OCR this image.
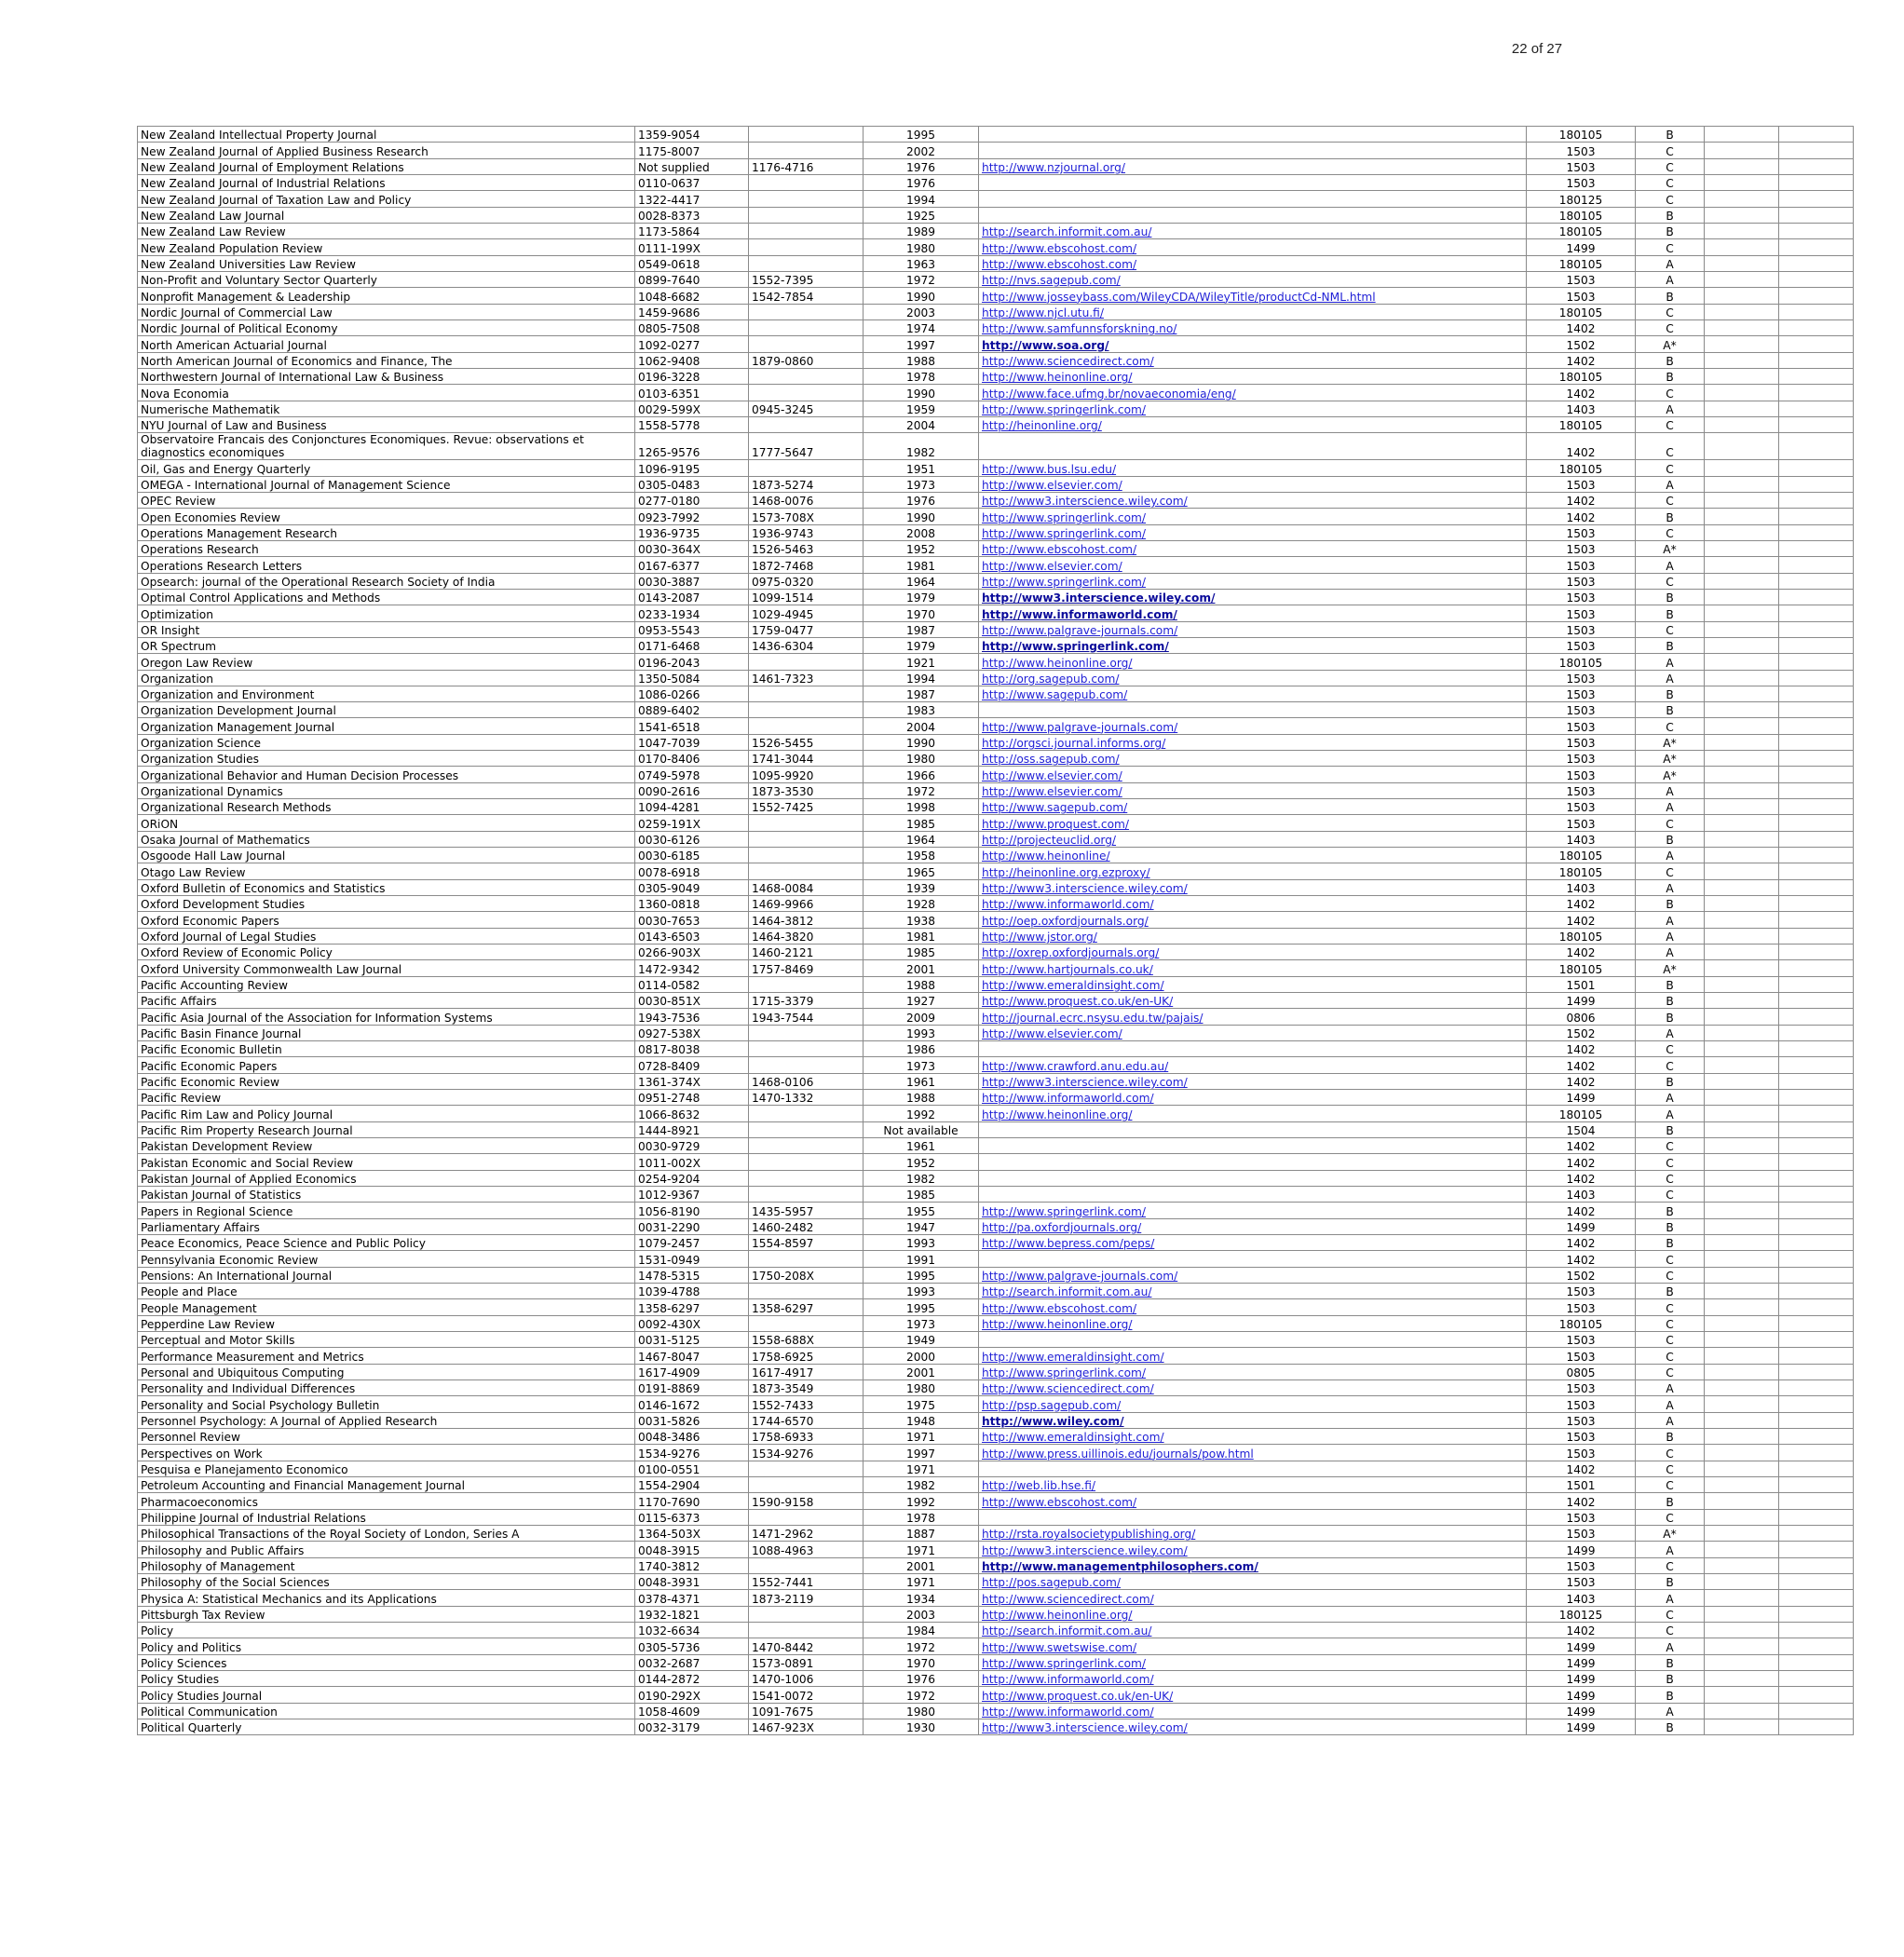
22 of 27
New Zealand Intellectual Property Journal	1359-9054		1995		180105	B		
New Zealand Journal of Applied Business Research	1175-8007		2002		1503	C		
New Zealand Journal of Employment Relations	Not supplied	1176-4716	1976	http://www.nzjournal.org/	1503	C		
New Zealand Journal of Industrial Relations	0110-0637		1976		1503	C		
New Zealand Journal of Taxation Law and Policy	1322-4417		1994		180125	C		
New Zealand Law Journal	0028-8373		1925		180105	B		
New Zealand Law Review	1173-5864		1989	http://search.informit.com.au/	180105	B		
New Zealand Population Review	0111-199X		1980	http://www.ebscohost.com/	1499	C		
New Zealand Universities Law Review	0549-0618		1963	http://www.ebscohost.com/	180105	A		
Non-Profit and Voluntary Sector Quarterly	0899-7640	1552-7395	1972	http://nvs.sagepub.com/	1503	A		
Nonprofit Management & Leadership	1048-6682	1542-7854	1990	http://www.josseybass.com/WileyCDA/WileyTitle/productCd-NML.html	1503	B		
Nordic Journal of Commercial Law	1459-9686		2003	http://www.njcl.utu.fi/	180105	C		
Nordic Journal of Political Economy	0805-7508		1974	http://www.samfunnsforskning.no/	1402	C		
North American Actuarial Journal	1092-0277		1997	http://www.soa.org/	1502	A*		
North American Journal of Economics and Finance, The	1062-9408	1879-0860	1988	http://www.sciencedirect.com/	1402	B		
Northwestern Journal of International Law & Business	0196-3228		1978	http://www.heinonline.org/	180105	B		
Nova Economia	0103-6351		1990	http://www.face.ufmg.br/novaeconomia/eng/	1402	C		
Numerische Mathematik	0029-599X	0945-3245	1959	http://www.springerlink.com/	1403	A		
NYU Journal of Law and Business	1558-5778		2004	http://heinonline.org/	180105	C		
Observatoire Francais des Conjonctures Economiques. Revue: observations et diagnostics economiques	1265-9576	1777-5647	1982		1402	C		
Oil, Gas and Energy Quarterly	1096-9195		1951	http://www.bus.lsu.edu/	180105	C		
OMEGA - International Journal of Management Science	0305-0483	1873-5274	1973	http://www.elsevier.com/	1503	A		
OPEC Review	0277-0180	1468-0076	1976	http://www3.interscience.wiley.com/	1402	C		
Open Economies Review	0923-7992	1573-708X	1990	http://www.springerlink.com/	1402	B		
Operations Management Research	1936-9735	1936-9743	2008	http://www.springerlink.com/	1503	C		
Operations Research	0030-364X	1526-5463	1952	http://www.ebscohost.com/	1503	A*		
Operations Research Letters	0167-6377	1872-7468	1981	http://www.elsevier.com/	1503	A		
Opsearch: journal of the Operational Research Society of India	0030-3887	0975-0320	1964	http://www.springerlink.com/	1503	C		
Optimal Control Applications and Methods	0143-2087	1099-1514	1979	http://www3.interscience.wiley.com/	1503	B		
Optimization	0233-1934	1029-4945	1970	http://www.informaworld.com/	1503	B		
OR Insight	0953-5543	1759-0477	1987	http://www.palgrave-journals.com/	1503	C		
OR Spectrum	0171-6468	1436-6304	1979	http://www.springerlink.com/	1503	B		
Oregon Law Review	0196-2043		1921	http://www.heinonline.org/	180105	A		
Organization	1350-5084	1461-7323	1994	http://org.sagepub.com/	1503	A		
Organization and Environment	1086-0266		1987	http://www.sagepub.com/	1503	B		
Organization Development Journal	0889-6402		1983		1503	B		
Organization Management Journal	1541-6518		2004	http://www.palgrave-journals.com/	1503	C		
Organization Science	1047-7039	1526-5455	1990	http://orgsci.journal.informs.org/	1503	A*		
Organization Studies	0170-8406	1741-3044	1980	http://oss.sagepub.com/	1503	A*		
Organizational Behavior and Human Decision Processes	0749-5978	1095-9920	1966	http://www.elsevier.com/	1503	A*		
Organizational Dynamics	0090-2616	1873-3530	1972	http://www.elsevier.com/	1503	A		
Organizational Research Methods	1094-4281	1552-7425	1998	http://www.sagepub.com/	1503	A		
ORiON	0259-191X		1985	http://www.proquest.com/	1503	C		
Osaka Journal of Mathematics	0030-6126		1964	http://projecteuclid.org/	1403	B		
Osgoode Hall Law Journal	0030-6185		1958	http://www.heinonline/	180105	A		
Otago Law Review	0078-6918		1965	http://heinonline.org.ezproxy/	180105	C		
Oxford Bulletin of Economics and Statistics	0305-9049	1468-0084	1939	http://www3.interscience.wiley.com/	1403	A		
Oxford Development Studies	1360-0818	1469-9966	1928	http://www.informaworld.com/	1402	B		
Oxford Economic Papers	0030-7653	1464-3812	1938	http://oep.oxfordjournals.org/	1402	A		
Oxford Journal of Legal Studies	0143-6503	1464-3820	1981	http://www.jstor.org/	180105	A		
Oxford Review of Economic Policy	0266-903X	1460-2121	1985	http://oxrep.oxfordjournals.org/	1402	A		
Oxford University Commonwealth Law Journal	1472-9342	1757-8469	2001	http://www.hartjournals.co.uk/	180105	A*		
Pacific Accounting Review	0114-0582		1988	http://www.emeraldinsight.com/	1501	B		
Pacific Affairs	0030-851X	1715-3379	1927	http://www.proquest.co.uk/en-UK/	1499	B		
Pacific Asia Journal of the Association for Information Systems	1943-7536	1943-7544	2009	http://journal.ecrc.nsysu.edu.tw/pajais/	0806	B		
Pacific Basin Finance Journal	0927-538X		1993	http://www.elsevier.com/	1502	A		
Pacific Economic Bulletin	0817-8038		1986		1402	C		
Pacific Economic Papers	0728-8409		1973	http://www.crawford.anu.edu.au/	1402	C		
Pacific Economic Review	1361-374X	1468-0106	1961	http://www3.interscience.wiley.com/	1402	B		
Pacific Review	0951-2748	1470-1332	1988	http://www.informaworld.com/	1499	A		
Pacific Rim Law and Policy Journal	1066-8632		1992	http://www.heinonline.org/	180105	A		
Pacific Rim Property Research Journal	1444-8921		Not available		1504	B		
Pakistan Development Review	0030-9729		1961		1402	C		
Pakistan Economic and Social Review	1011-002X		1952		1402	C		
Pakistan Journal of Applied Economics	0254-9204		1982		1402	C		
Pakistan Journal of Statistics	1012-9367		1985		1403	C		
Papers in Regional Science	1056-8190	1435-5957	1955	http://www.springerlink.com/	1402	B		
Parliamentary Affairs	0031-2290	1460-2482	1947	http://pa.oxfordjournals.org/	1499	B		
Peace Economics, Peace Science and Public Policy	1079-2457	1554-8597	1993	http://www.bepress.com/peps/	1402	B		
Pennsylvania Economic Review	1531-0949		1991		1402	C		
Pensions: An International Journal	1478-5315	1750-208X	1995	http://www.palgrave-journals.com/	1502	C		
People and Place	1039-4788		1993	http://search.informit.com.au/	1503	B		
People Management	1358-6297	1358-6297	1995	http://www.ebscohost.com/	1503	C		
Pepperdine Law Review	0092-430X		1973	http://www.heinonline.org/	180105	C		
Perceptual and Motor Skills	0031-5125	1558-688X	1949		1503	C		
Performance Measurement and Metrics	1467-8047	1758-6925	2000	http://www.emeraldinsight.com/	1503	C		
Personal and Ubiquitous Computing	1617-4909	1617-4917	2001	http://www.springerlink.com/	0805	C		
Personality and Individual Differences	0191-8869	1873-3549	1980	http://www.sciencedirect.com/	1503	A		
Personality and Social Psychology Bulletin	0146-1672	1552-7433	1975	http://psp.sagepub.com/	1503	A		
Personnel Psychology: A Journal of Applied Research	0031-5826	1744-6570	1948	http://www.wiley.com/	1503	A		
Personnel Review	0048-3486	1758-6933	1971	http://www.emeraldinsight.com/	1503	B		
Perspectives on Work	1534-9276	1534-9276	1997	http://www.press.uillinois.edu/journals/pow.html	1503	C		
Pesquisa e Planejamento Economico	0100-0551		1971		1402	C		
Petroleum Accounting and Financial Management Journal	1554-2904		1982	http://web.lib.hse.fi/	1501	C		
Pharmacoeconomics	1170-7690	1590-9158	1992	http://www.ebscohost.com/	1402	B		
Philippine Journal of Industrial Relations	0115-6373		1978		1503	C		
Philosophical Transactions of the Royal Society of London, Series A	1364-503X	1471-2962	1887	http://rsta.royalsocietypublishing.org/	1503	A*		
Philosophy and Public Affairs	0048-3915	1088-4963	1971	http://www3.interscience.wiley.com/	1499	A		
Philosophy of Management	1740-3812		2001	http://www.managementphilosophers.com/	1503	C		
Philosophy of the Social Sciences	0048-3931	1552-7441	1971	http://pos.sagepub.com/	1503	B		
Physica A: Statistical Mechanics and its Applications	0378-4371	1873-2119	1934	http://www.sciencedirect.com/	1403	A		
Pittsburgh Tax Review	1932-1821		2003	http://www.heinonline.org/	180125	C		
Policy	1032-6634		1984	http://search.informit.com.au/	1402	C		
Policy and Politics	0305-5736	1470-8442	1972	http://www.swetswise.com/	1499	A		
Policy Sciences	0032-2687	1573-0891	1970	http://www.springerlink.com/	1499	B		
Policy Studies	0144-2872	1470-1006	1976	http://www.informaworld.com/	1499	B		
Policy Studies Journal	0190-292X	1541-0072	1972	http://www.proquest.co.uk/en-UK/	1499	B		
Political Communication	1058-4609	1091-7675	1980	http://www.informaworld.com/	1499	A		
Political Quarterly	0032-3179	1467-923X	1930	http://www3.interscience.wiley.com/	1499	B		
